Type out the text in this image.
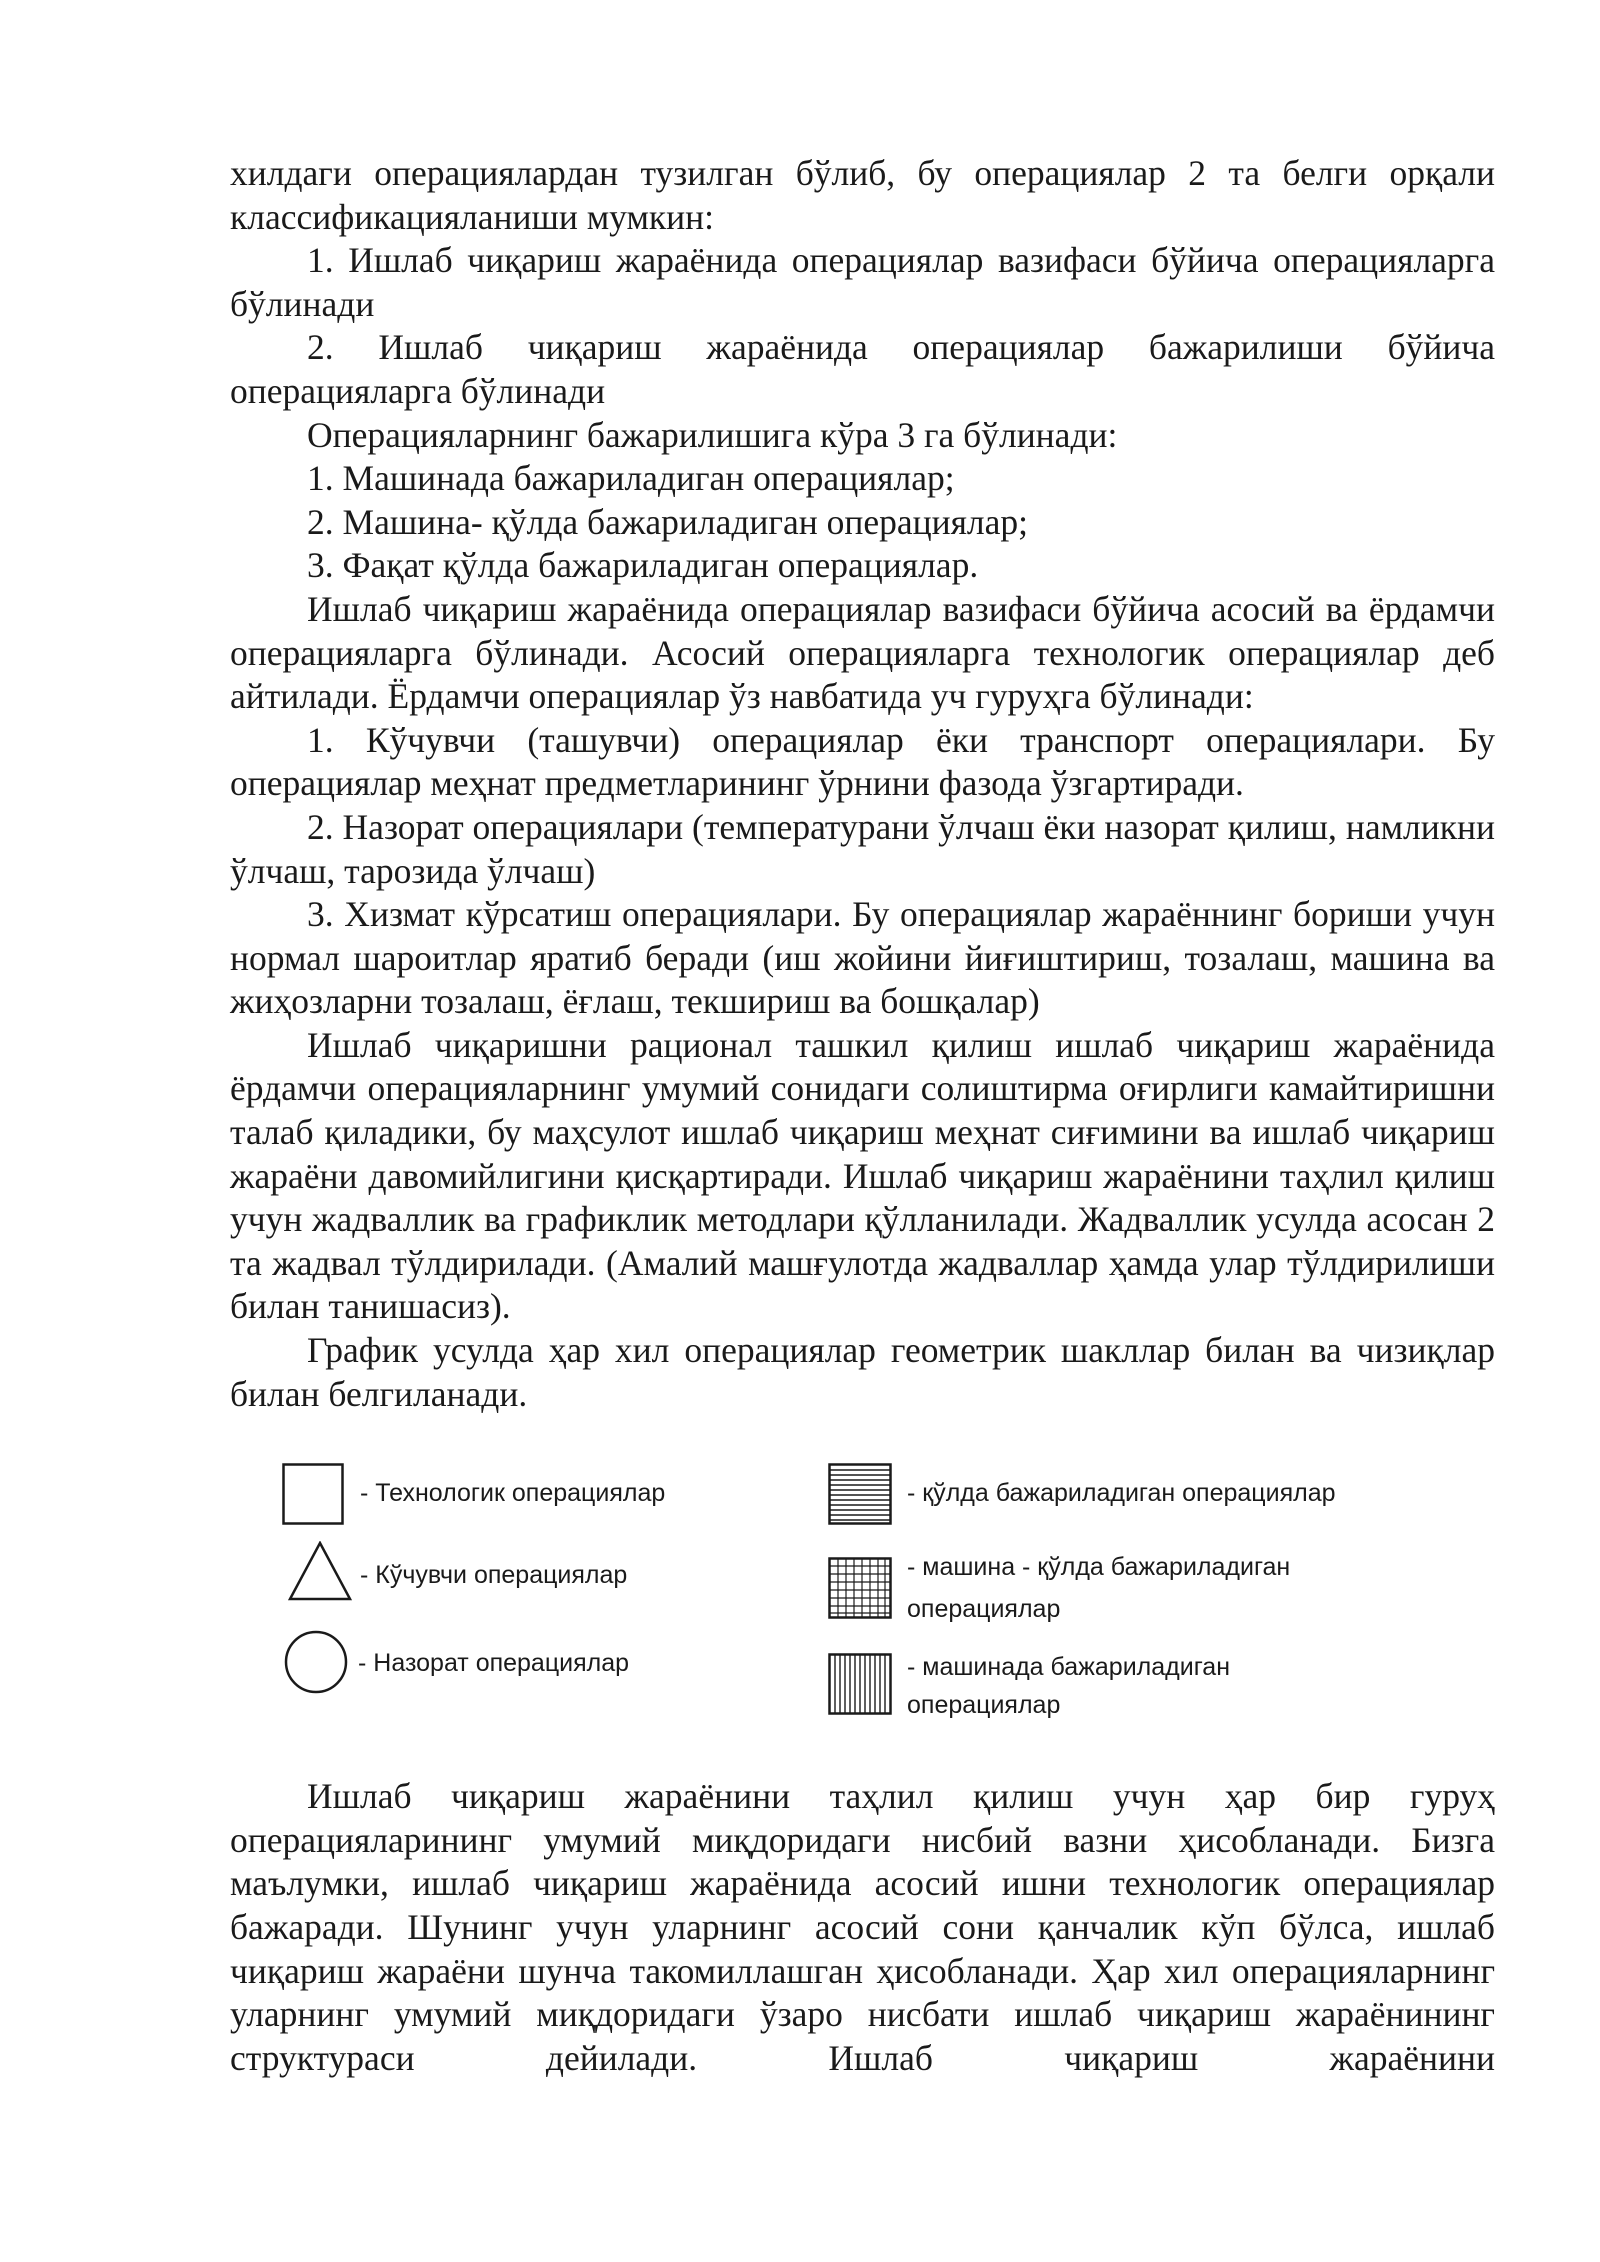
хилдаги операциялардан тузилган бўлиб, бу операциялар 2 та белги орқали классификацияланиши мумкин:

1. Ишлаб чиқариш жараёнида операциялар вазифаси бўйича операцияларга бўлинади

2. Ишлаб чиқариш жараёнида операциялар бажарилиши бўйича операцияларга бўлинади

Операцияларнинг бажарилишига кўра 3 га бўлинади:

1. Машинада бажариладиган операциялар;

2. Машина- қўлда бажариладиган операциялар;

3. Фақат қўлда бажариладиган операциялар.

Ишлаб чиқариш жараёнида операциялар вазифаси бўйича асосий ва ёрдамчи операцияларга бўлинади. Асосий операцияларга технологик операциялар деб айтилади. Ёрдамчи операциялар ўз навбатида уч гуруҳга бўлинади:

1. Кўчувчи (ташувчи) операциялар ёки транспорт операциялари. Бу операциялар меҳнат предметларининг ўрнини фазода ўзгартиради.

2. Назорат операциялари (температурани ўлчаш ёки назорат қилиш, намликни ўлчаш, тарозида ўлчаш)

3. Хизмат кўрсатиш операциялари. Бу операциялар жараённинг бориши учун нормал шароитлар яратиб беради (иш жойини йиғиштириш, тозалаш, машина ва жиҳозларни тозалаш, ёғлаш, текшириш ва бошқалар)

Ишлаб чиқаришни рационал ташкил қилиш ишлаб чиқариш жараёнида ёрдамчи операцияларнинг умумий сонидаги солиштирма оғирлиги камайтиришни талаб қиладики, бу маҳсулот ишлаб чиқариш меҳнат сиғимини ва ишлаб чиқариш жараёни давомийлигини қисқартиради. Ишлаб чиқариш жараёнини таҳлил қилиш учун жадваллик ва графиклик методлари қўлланилади. Жадваллик усулда асосан 2 та жадвал тўлдирилади. (Амалий машғулотда жадваллар ҳамда улар тўлдирилиши билан танишасиз).

График усулда ҳар хил операциялар геометрик шакллар билан ва чизиқлар билан белгиланади.

- Технологик операциялар
- Кўчувчи операциялар
- Назорат операциялар
- қўлда бажариладиган операциялар
- машина - қўлда бажариладиган
операциялар
- машинада бажариладиган
операциялар

Ишлаб чиқариш жараёнини таҳлил қилиш учун ҳар бир гуруҳ операцияларининг умумий миқдоридаги нисбий вазни ҳисобланади. Бизга маълумки, ишлаб чиқариш жараёнида асосий ишни технологик операциялар бажаради. Шунинг учун уларнинг асосий сони қанчалик кўп бўлса, ишлаб чиқариш жараёни шунча такомиллашган ҳисобланади. Ҳар хил операцияларнинг уларнинг умумий миқдоридаги ўзаро нисбати ишлаб чиқариш жараёнининг структураси дейилади. Ишлаб чиқариш жараёнини
